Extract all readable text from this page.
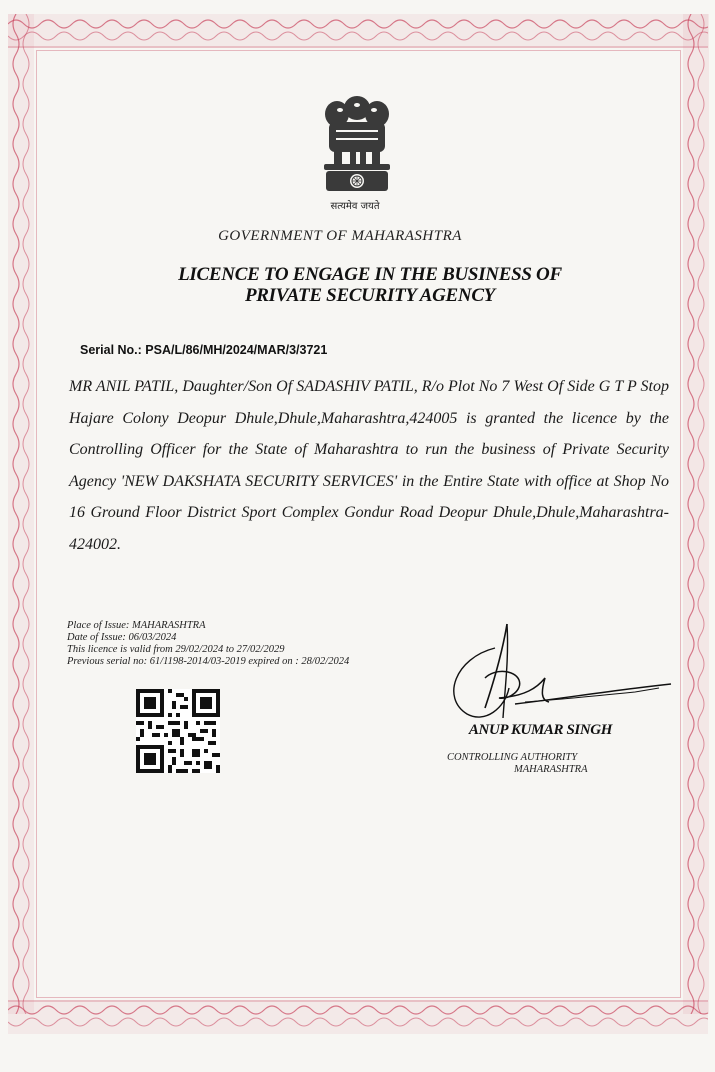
सत्यमेव जयते
GOVERNMENT OF MAHARASHTRA
LICENCE TO ENGAGE IN THE BUSINESS OF
PRIVATE SECURITY AGENCY
Serial No.: PSA/L/86/MH/2024/MAR/3/3721
MR ANIL PATIL, Daughter/Son Of SADASHIV PATIL, R/o Plot No 7 West Of Side G T P Stop Hajare Colony Deopur Dhule,Dhule,Maharashtra,424005 is granted the licence by the Controlling Officer for the State of Maharashtra to run the business of Private Security Agency 'NEW DAKSHATA SECURITY SERVICES' in the Entire State with office at Shop No 16 Ground Floor District Sport Complex Gondur Road Deopur Dhule,Dhule,Maharashtra-424002.
Place of Issue: MAHARASHTRA
Date of Issue: 06/03/2024
This licence is valid from 29/02/2024 to 27/02/2029
Previous serial no: 61/1198-2014/03-2019 expired on : 28/02/2024
ANUP KUMAR SINGH
CONTROLLING AUTHORITY
MAHARASHTRA
